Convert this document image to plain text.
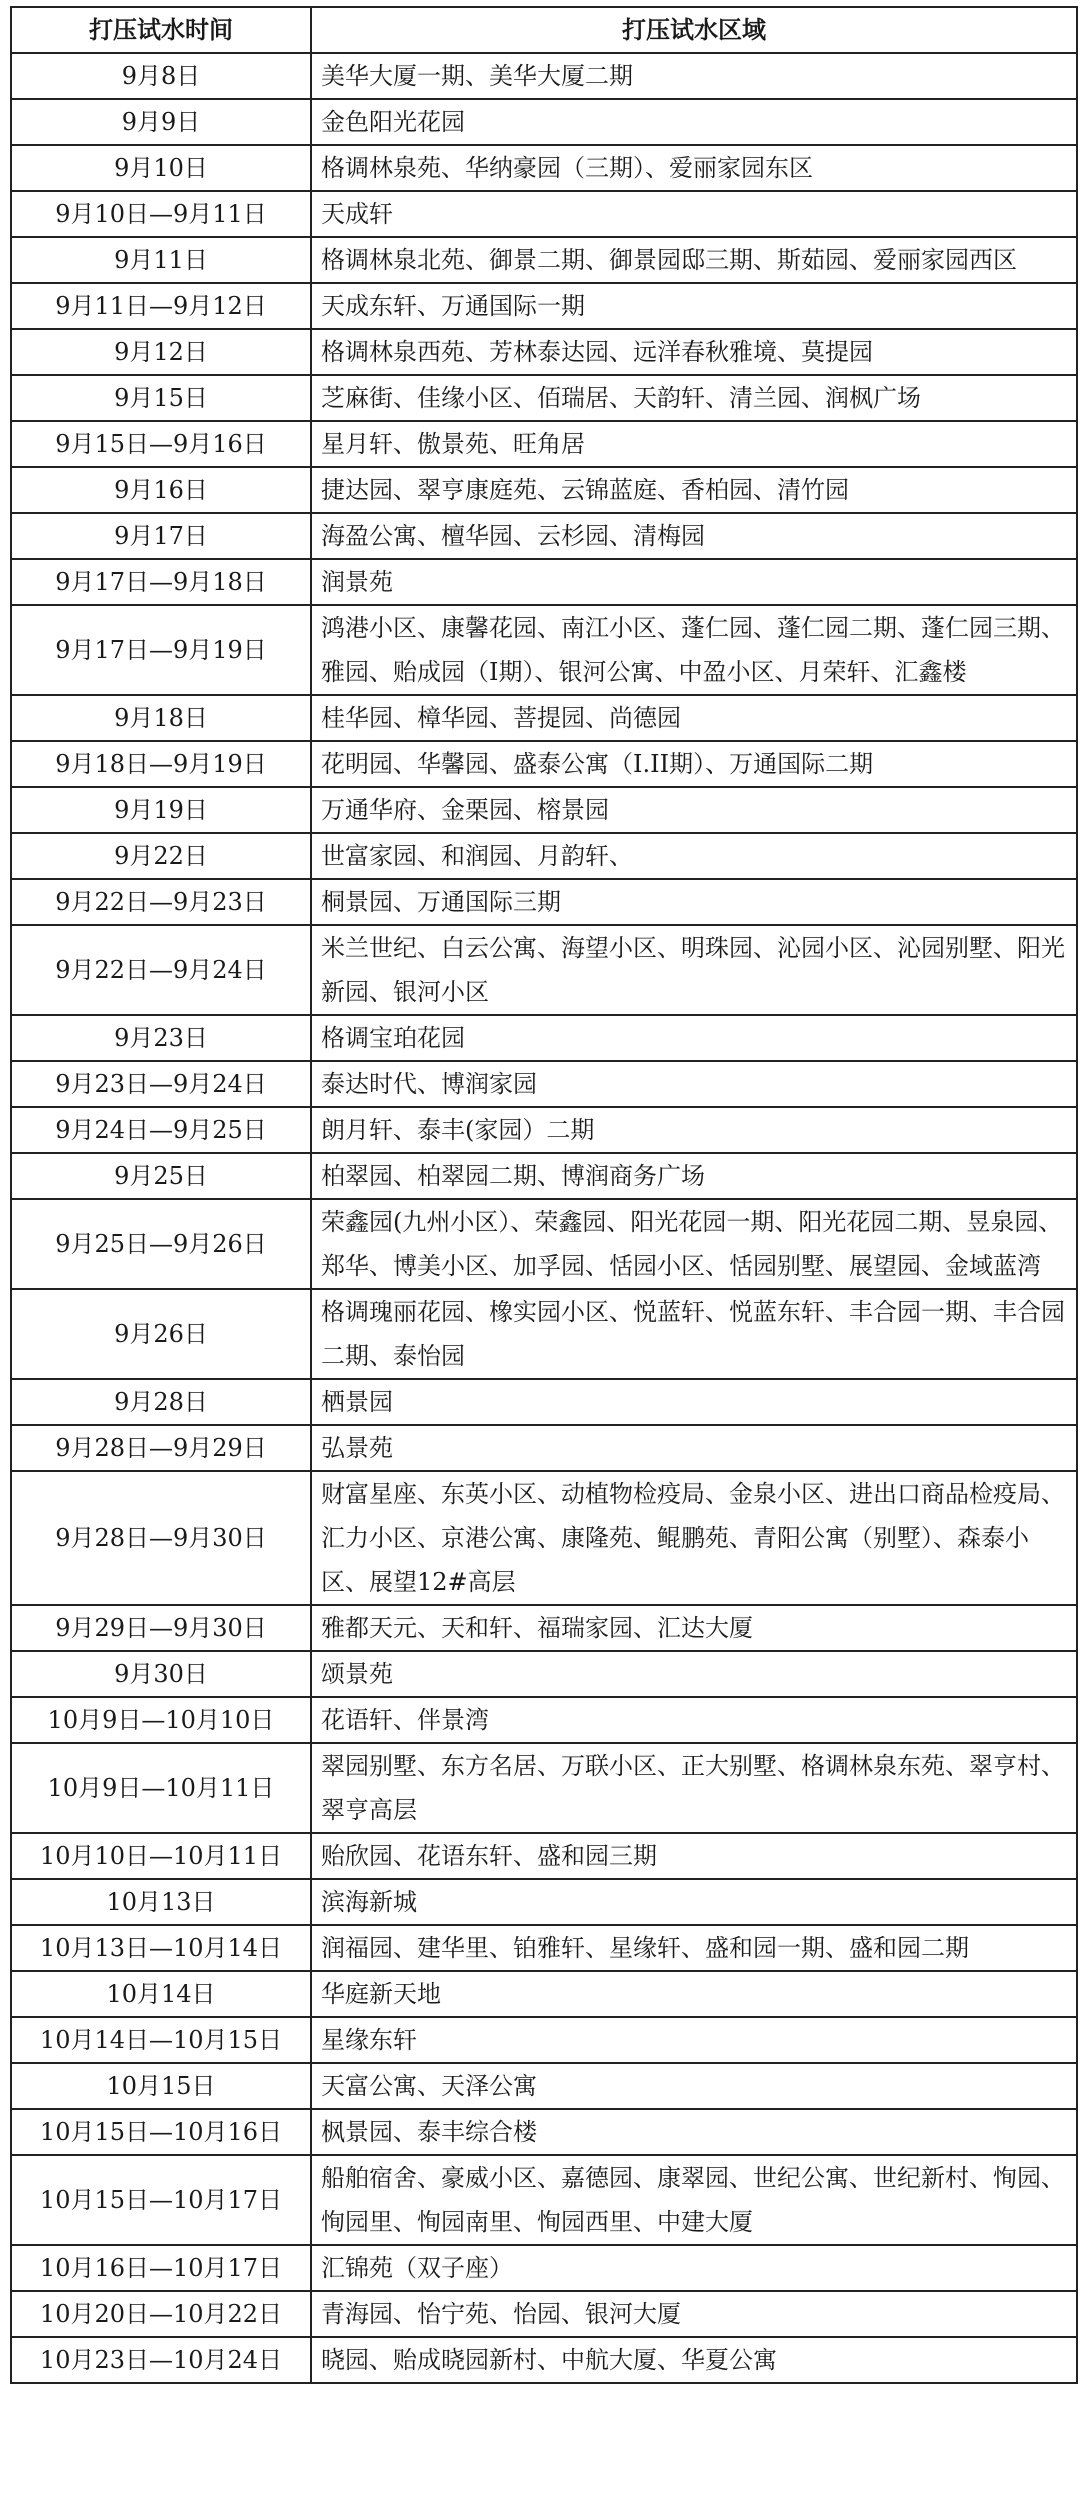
打压试水时间	打压试水区域
9月8日	美华大厦一期、美华大厦二期
9月9日	金色阳光花园
9月10日	格调林泉苑、华纳豪园（三期）、爱丽家园东区
9月10日—9月11日	天成轩
9月11日	格调林泉北苑、御景二期、御景园邸三期、斯茹园、爱丽家园西区
9月11日—9月12日	天成东轩、万通国际一期
9月12日	格调林泉西苑、芳林泰达园、远洋春秋雅境、莫提园
9月15日	芝麻街、佳缘小区、佰瑞居、天韵轩、清兰园、润枫广场
9月15日—9月16日	星月轩、傲景苑、旺角居
9月16日	捷达园、翠亨康庭苑、云锦蓝庭、香柏园、清竹园
9月17日	海盈公寓、檀华园、云杉园、清梅园
9月17日—9月18日	润景苑
9月17日—9月19日	鸿港小区、康馨花园、南江小区、蓬仁园、蓬仁园二期、蓬仁园三期、雅园、贻成园（I期）、银河公寓、中盈小区、月荣轩、汇鑫楼
9月18日	桂华园、樟华园、菩提园、尚德园
9月18日—9月19日	花明园、华馨园、盛泰公寓（I.II期）、万通国际二期
9月19日	万通华府、金栗园、榕景园
9月22日	世富家园、和润园、月韵轩、
9月22日—9月23日	桐景园、万通国际三期
9月22日—9月24日	米兰世纪、白云公寓、海望小区、明珠园、沁园小区、沁园别墅、阳光新园、银河小区
9月23日	格调宝珀花园
9月23日—9月24日	泰达时代、博润家园
9月24日—9月25日	朗月轩、泰丰(家园）二期
9月25日	柏翠园、柏翠园二期、博润商务广场
9月25日—9月26日	荣鑫园(九州小区）、荣鑫园、阳光花园一期、阳光花园二期、昱泉园、郑华、博美小区、加孚园、恬园小区、恬园别墅、展望园、金域蓝湾
9月26日	格调瑰丽花园、橡实园小区、悦蓝轩、悦蓝东轩、丰合园一期、丰合园二期、泰怡园
9月28日	栖景园
9月28日—9月29日	弘景苑
9月28日—9月30日	财富星座、东英小区、动植物检疫局、金泉小区、进出口商品检疫局、汇力小区、京港公寓、康隆苑、鲲鹏苑、青阳公寓（别墅）、森泰小区、展望12#高层
9月29日—9月30日	雅都天元、天和轩、福瑞家园、汇达大厦
9月30日	颂景苑
10月9日—10月10日	花语轩、伴景湾
10月9日—10月11日	翠园别墅、东方名居、万联小区、正大别墅、格调林泉东苑、翠亨村、翠亨高层
10月10日—10月11日	贻欣园、花语东轩、盛和园三期
10月13日	滨海新城
10月13日—10月14日	润福园、建华里、铂雅轩、星缘轩、盛和园一期、盛和园二期
10月14日	华庭新天地
10月14日—10月15日	星缘东轩
10月15日	天富公寓、天泽公寓
10月15日—10月16日	枫景园、泰丰综合楼
10月15日—10月17日	船舶宿舍、豪威小区、嘉德园、康翠园、世纪公寓、世纪新村、恂园、恂园里、恂园南里、恂园西里、中建大厦
10月16日—10月17日	汇锦苑（双子座）
10月20日—10月22日	青海园、怡宁苑、怡园、银河大厦
10月23日—10月24日	晓园、贻成晓园新村、中航大厦、华夏公寓
